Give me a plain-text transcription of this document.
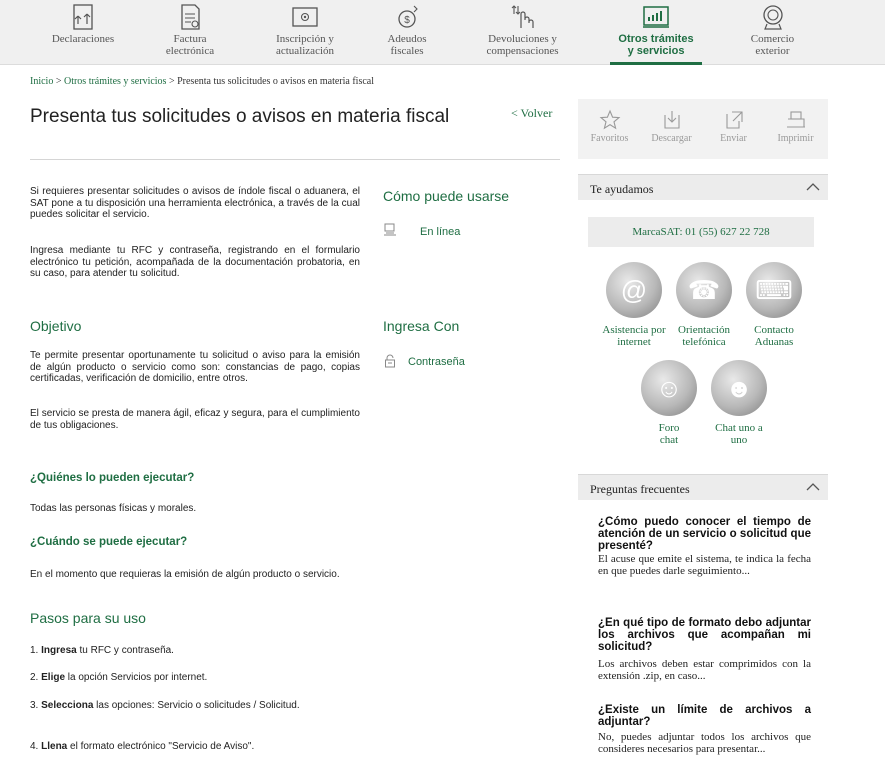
Declaraciones	Factura electrónica
Inscripción y actualización
$
Adeudos fiscales
Devoluciones y compensaciones
Otros trámites y servicios
Comercio exterior
Inicio > Otros trámites y servicios > Presenta tus solicitudes o avisos en materia fiscal
Presenta tus solicitudes o avisos en materia fiscal	< Volver

Si requieres presentar solicitudes o avisos de índole fiscal o aduanera, el SAT pone a tu disposición una herramienta electrónica, a través de la cual puedes solicitar el servicio.

Ingresa mediante tu RFC y contraseña, registrando en el formulario electrónico tu petición, acompañada de la documentación probatoria, en su caso, para atender tu solicitud.

Objetivo

Te permite presentar oportunamente tu solicitud o aviso para la emisión de algún producto o servicio como son: constancias de pago, copias certificadas, verificación de domicilio, entre otros.

El servicio se presta de manera ágil, eficaz y segura, para el cumplimiento de tus obligaciones.

¿Quiénes lo pueden ejecutar?

Todas las personas físicas y morales.

¿Cuándo se puede ejecutar?

En el momento que requieras la emisión de algún producto o servicio.

Pasos para su uso
1. Ingresa tu RFC y contraseña.
2. Elige la opción Servicios por internet.
3. Selecciona las opciones: Servicio o solicitudes / Solicitud.
4. Llena el formato electrónico "Servicio de Aviso".
Cómo puede usarse
En línea
Ingresa Con
Contraseña
Favoritos	Descargar	Enviar	Imprimir
Te ayudamos
MarcaSAT: 01 (55) 627 22 728
@
Asistencia por internet
☎
Orientación telefónica
⌨
Contacto Aduanas
☺
Foro chat
☻
Chat uno a uno
Preguntas frecuentes
¿Cómo puedo conocer el tiempo de atención de un servicio o solicitud que presenté?
El acuse que emite el sistema, te indica la fecha en que puedes darle seguimiento...
¿En qué tipo de formato debo adjuntar los archivos que acompañan mi solicitud?
Los archivos deben estar comprimidos con la extensión .zip, en caso...
¿Existe un límite de archivos a adjuntar?
No, puedes adjuntar todos los archivos que consideres necesarios para presentar...
